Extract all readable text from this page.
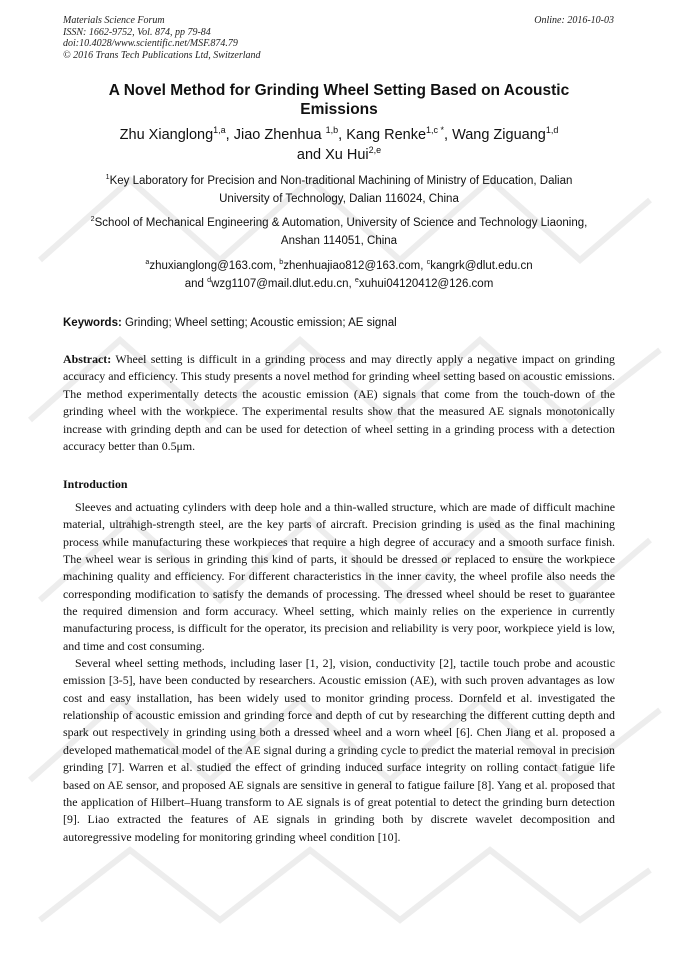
Materials Science Forum
ISSN: 1662-9752, Vol. 874, pp 79-84
doi:10.4028/www.scientific.net/MSF.874.79
© 2016 Trans Tech Publications Ltd, Switzerland
Online: 2016-10-03
A Novel Method for Grinding Wheel Setting Based on Acoustic
Emissions
Zhu Xianglong$^{1,a}$, Jiao Zhenhua $^{1,b}$, Kang Renke$^{1,c *}$, Wang Ziguang$^{1,d}$
and Xu Hui$^{2,e}$
$^1$Key Laboratory for Precision and Non-traditional Machining of Ministry of Education, Dalian
University of Technology, Dalian 116024, China
$^2$School of Mechanical Engineering & Automation, University of Science and Technology Liaoning,
Anshan 114051, China
$^a$zhuxianglong@163.com, $^b$zhenhuajiao812@163.com, $^c$kangrk@dlut.edu.cn
and $^d$wzg1107@mail.dlut.edu.cn, $^e$xuhui04120412@126.com
Keywords: Grinding; Wheel setting; Acoustic emission; AE signal
Abstract: Wheel setting is difficult in a grinding process and may directly apply a negative impact on grinding accuracy and efficiency. This study presents a novel method for grinding wheel setting based on acoustic emissions. The method experimentally detects the acoustic emission (AE) signals that come from the touch-down of the grinding wheel with the workpiece. The experimental results show that the measured AE signals monotonically increase with grinding depth and can be used for detection of wheel setting in a grinding process with a detection accuracy better than 0.5μm.
Introduction

Sleeves and actuating cylinders with deep hole and a thin-walled structure, which are made of difficult machine material, ultrahigh-strength steel, are the key parts of aircraft. Precision grinding is used as the final machining process while manufacturing these workpieces that require a high degree of accuracy and a smooth surface finish. The wheel wear is serious in grinding this kind of parts, it should be dressed or replaced to ensure the workpiece machining quality and efficiency. For different characteristics in the inner cavity, the wheel profile also needs the corresponding modification to satisfy the demands of processing. The dressed wheel should be reset to guarantee the required dimension and form accuracy. Wheel setting, which mainly relies on the experience in currently manufacturing process, is difficult for the operator, its precision and reliability is very poor, workpiece yield is low, and time and cost consuming.

Several wheel setting methods, including laser [1, 2], vision, conductivity [2], tactile touch probe and acoustic emission [3-5], have been conducted by researchers. Acoustic emission (AE), with such proven advantages as low cost and easy installation, has been widely used to monitor grinding process. Dornfeld et al. investigated the relationship of acoustic emission and grinding force and depth of cut by researching the different cutting depth and spark out respectively in grinding using both a dressed wheel and a worn wheel [6]. Chen Jiang et al. proposed a developed mathematical model of the AE signal during a grinding cycle to predict the material removal in precision grinding [7]. Warren et al. studied the effect of grinding induced surface integrity on rolling contact fatigue life based on AE sensor, and proposed AE signals are sensitive in general to fatigue failure [8]. Yang et al. proposed that the application of Hilbert–Huang transform to AE signals is of great potential to detect the grinding burn detection [9]. Liao extracted the features of AE signals in grinding both by discrete wavelet decomposition and autoregressive modeling for monitoring grinding wheel condition [10].
